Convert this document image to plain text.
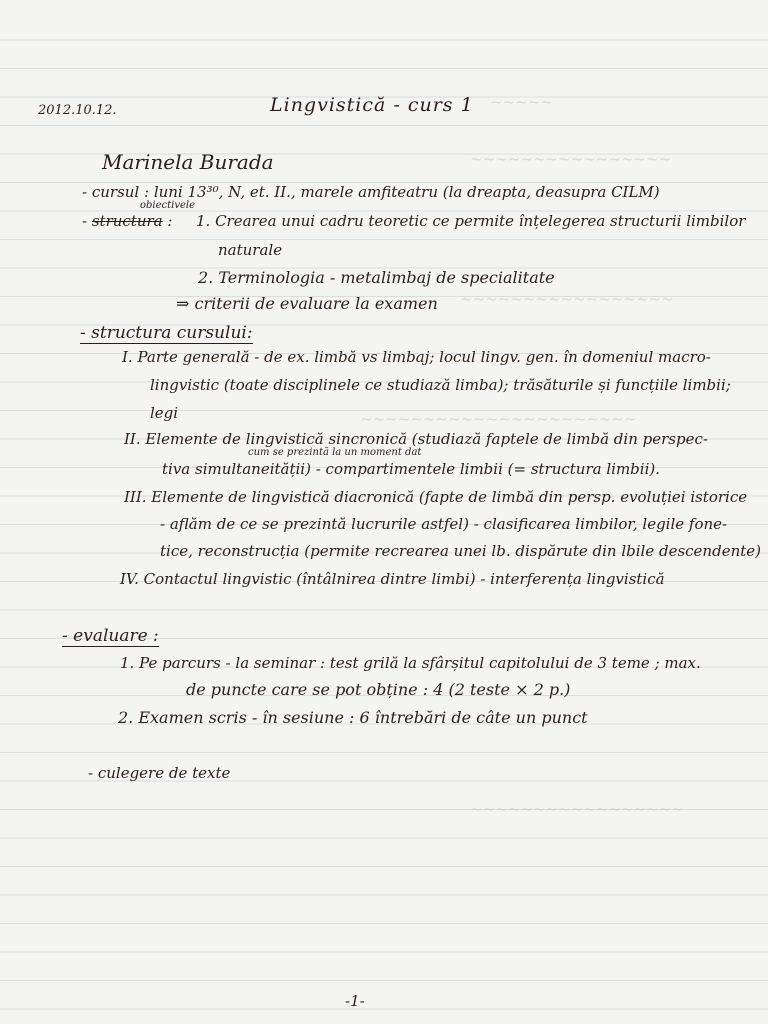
~~~~~
~~~~~~~~~~~~~~~~
~~~~~~~~~~~~~~~~~
~~~~~~~~~~~~~~~~~~~~~~
~~~~~~~~~~~~~~~~~
2012.10.12.	Lingvistică - curs 1
Marinela Burada
- cursul : luni 13³⁰, N, et. II., marele amfiteatru (la dreapta, deasupra CILM)
obiectivele
- structura : 1. Crearea unui cadru teoretic ce permite înțelegerea structurii limbilor
naturale
2. Terminologia - metalimbaj de specialitate
⇒ criterii de evaluare la examen
- structura cursului:
I. Parte generală - de ex. limbă vs limbaj; locul lingv. gen. în domeniul macro-
lingvistic (toate disciplinele ce studiază limba); trăsăturile și funcțiile limbii;
legi
cum se prezintă la un moment dat
II. Elemente de lingvistică sincronică (studiază faptele de limbă din perspec-
tiva simultaneității) - compartimentele limbii (= structura limbii).
III. Elemente de lingvistică diacronică (fapte de limbă din persp. evoluției istorice
- aflăm de ce se prezintă lucrurile astfel) - clasificarea limbilor, legile fone-
tice, reconstrucția (permite recrearea unei lb. dispărute din lbile descendente)
IV. Contactul lingvistic (întâlnirea dintre limbi) - interferența lingvistică
- evaluare :
1. Pe parcurs - la seminar : test grilă la sfârșitul capitolului de 3 teme ; max.
de puncte care se pot obține : 4 (2 teste × 2 p.)
2. Examen scris - în sesiune : 6 întrebări de câte un punct
- culegere de texte
-1-
